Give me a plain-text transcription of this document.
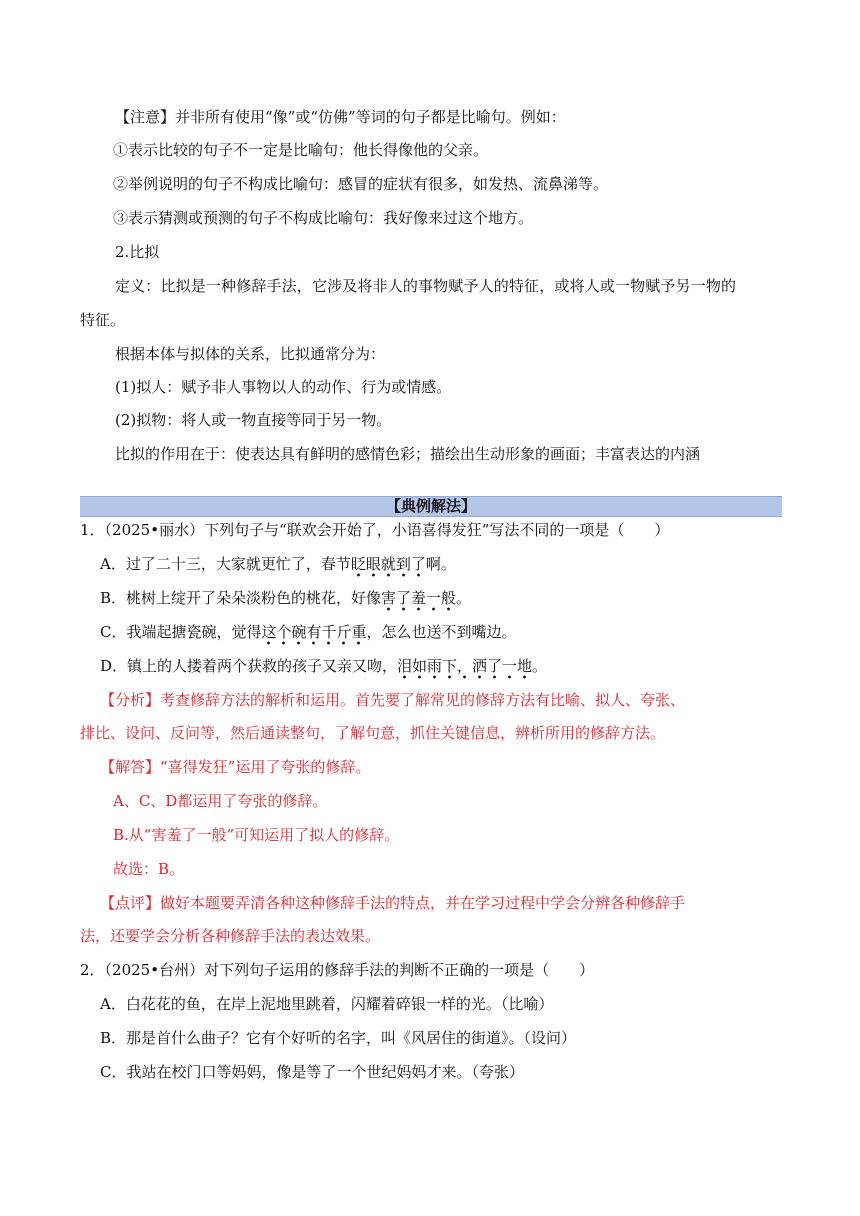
【注意】并非所有使用“像”或“仿佛”等词的句子都是比喻句。例如：
①表示比较的句子不一定是比喻句：他长得像他的父亲。
②举例说明的句子不构成比喻句：感冒的症状有很多，如发热、流鼻涕等。
③表示猜测或预测的句子不构成比喻句：我好像来过这个地方。
2.比拟
定义：比拟是一种修辞手法，它涉及将非人的事物赋予人的特征，或将人或一物赋予另一物的
特征。
根据本体与拟体的关系，比拟通常分为：
(1)拟人：赋予非人事物以人的动作、行为或情感。
(2)拟物：将人或一物直接等同于另一物。
比拟的作用在于：使表达具有鲜明的感情色彩；描绘出生动形象的画面；丰富表达的内涵
【典例解法】
1．（2025•丽水）下列句子与“联欢会开始了，小语喜得发狂”写法不同的一项是（　　）
A．过了二十三，大家就更忙了，春节眨眼就到了啊。
B．桃树上绽开了朵朵淡粉色的桃花，好像害了羞一般。
C．我端起搪瓷碗，觉得这个碗有千斤重，怎么也送不到嘴边。
D．镇上的人搂着两个获救的孩子又亲又吻，泪如雨下，洒了一地。
【分析】考查修辞方法的解析和运用。首先要了解常见的修辞方法有比喻、拟人、夸张、
排比、设问、反问等，然后通读整句，了解句意，抓住关键信息，辨析所用的修辞方法。
【解答】“喜得发狂”运用了夸张的修辞。
A、C、D都运用了夸张的修辞。
B.从“害羞了一般”可知运用了拟人的修辞。
故选：B。
【点评】做好本题要弄清各种这种修辞手法的特点，并在学习过程中学会分辨各种修辞手
法，还要学会分析各种修辞手法的表达效果。
2．（2025•台州）对下列句子运用的修辞手法的判断不正确的一项是（　　）
A．白花花的鱼，在岸上泥地里跳着，闪耀着碎银一样的光。（比喻）
B．那是首什么曲子？它有个好听的名字，叫《风居住的街道》。（设问）
C．我站在校门口等妈妈，像是等了一个世纪妈妈才来。（夸张）
